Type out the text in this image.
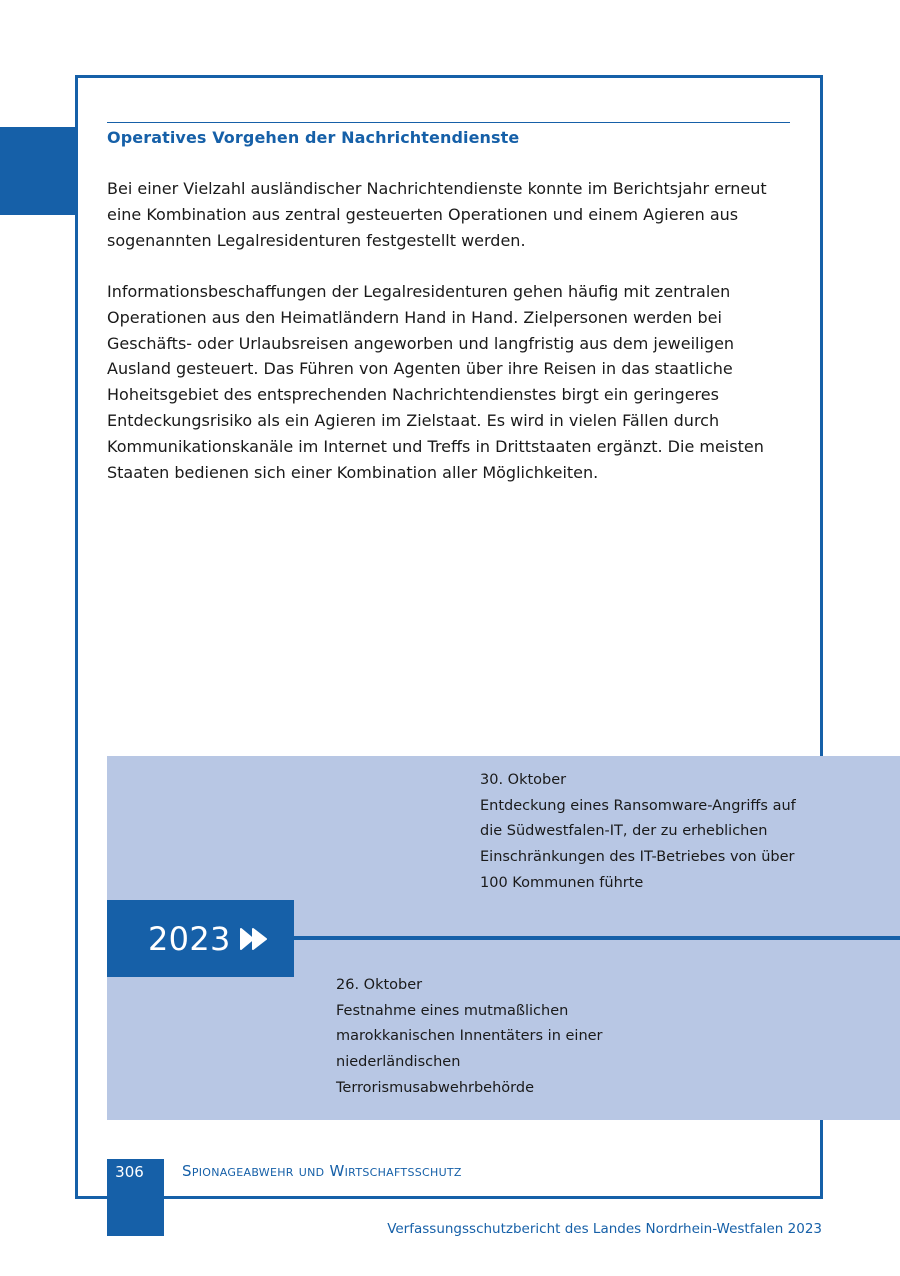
Operatives Vorgehen der Nachrichtendienste

Bei einer Vielzahl ausländischer Nachrichtendienste konnte im Berichtsjahr erneut eine Kombination aus zentral gesteuerten Operationen und einem Agieren aus sogenannten Legalresidenturen festgestellt werden.

Informationsbeschaffungen der Legalresidenturen gehen häufig mit zentralen Operationen aus den Heimatländern Hand in Hand. Zielpersonen werden bei Geschäfts- oder Urlaubsreisen angeworben und langfristig aus dem jeweiligen Ausland gesteuert. Das Führen von Agenten über ihre Reisen in das staatliche Hoheitsgebiet des entsprechenden Nachrichtendienstes birgt ein geringeres Entdeckungsrisiko als ein Agieren im Zielstaat. Es wird in vielen Fällen durch Kommunikationskanäle im Internet und Treffs in Drittstaaten ergänzt. Die meisten Staaten bedienen sich einer Kombination aller Möglichkeiten.

2023
30. Oktober
Entdeckung eines Ransomware-Angriffs auf die Südwestfalen-IT, der zu erheblichen Einschränkungen des IT-Betriebes von über 100 Kommunen führte
26. Oktober
Festnahme eines mutmaßlichen marokkanischen Innentäters in einer niederländischen Terrorismusabwehrbehörde
306	Spionageabwehr und Wirtschaftsschutz
Verfassungsschutzbericht des Landes Nordrhein-Westfalen 2023
